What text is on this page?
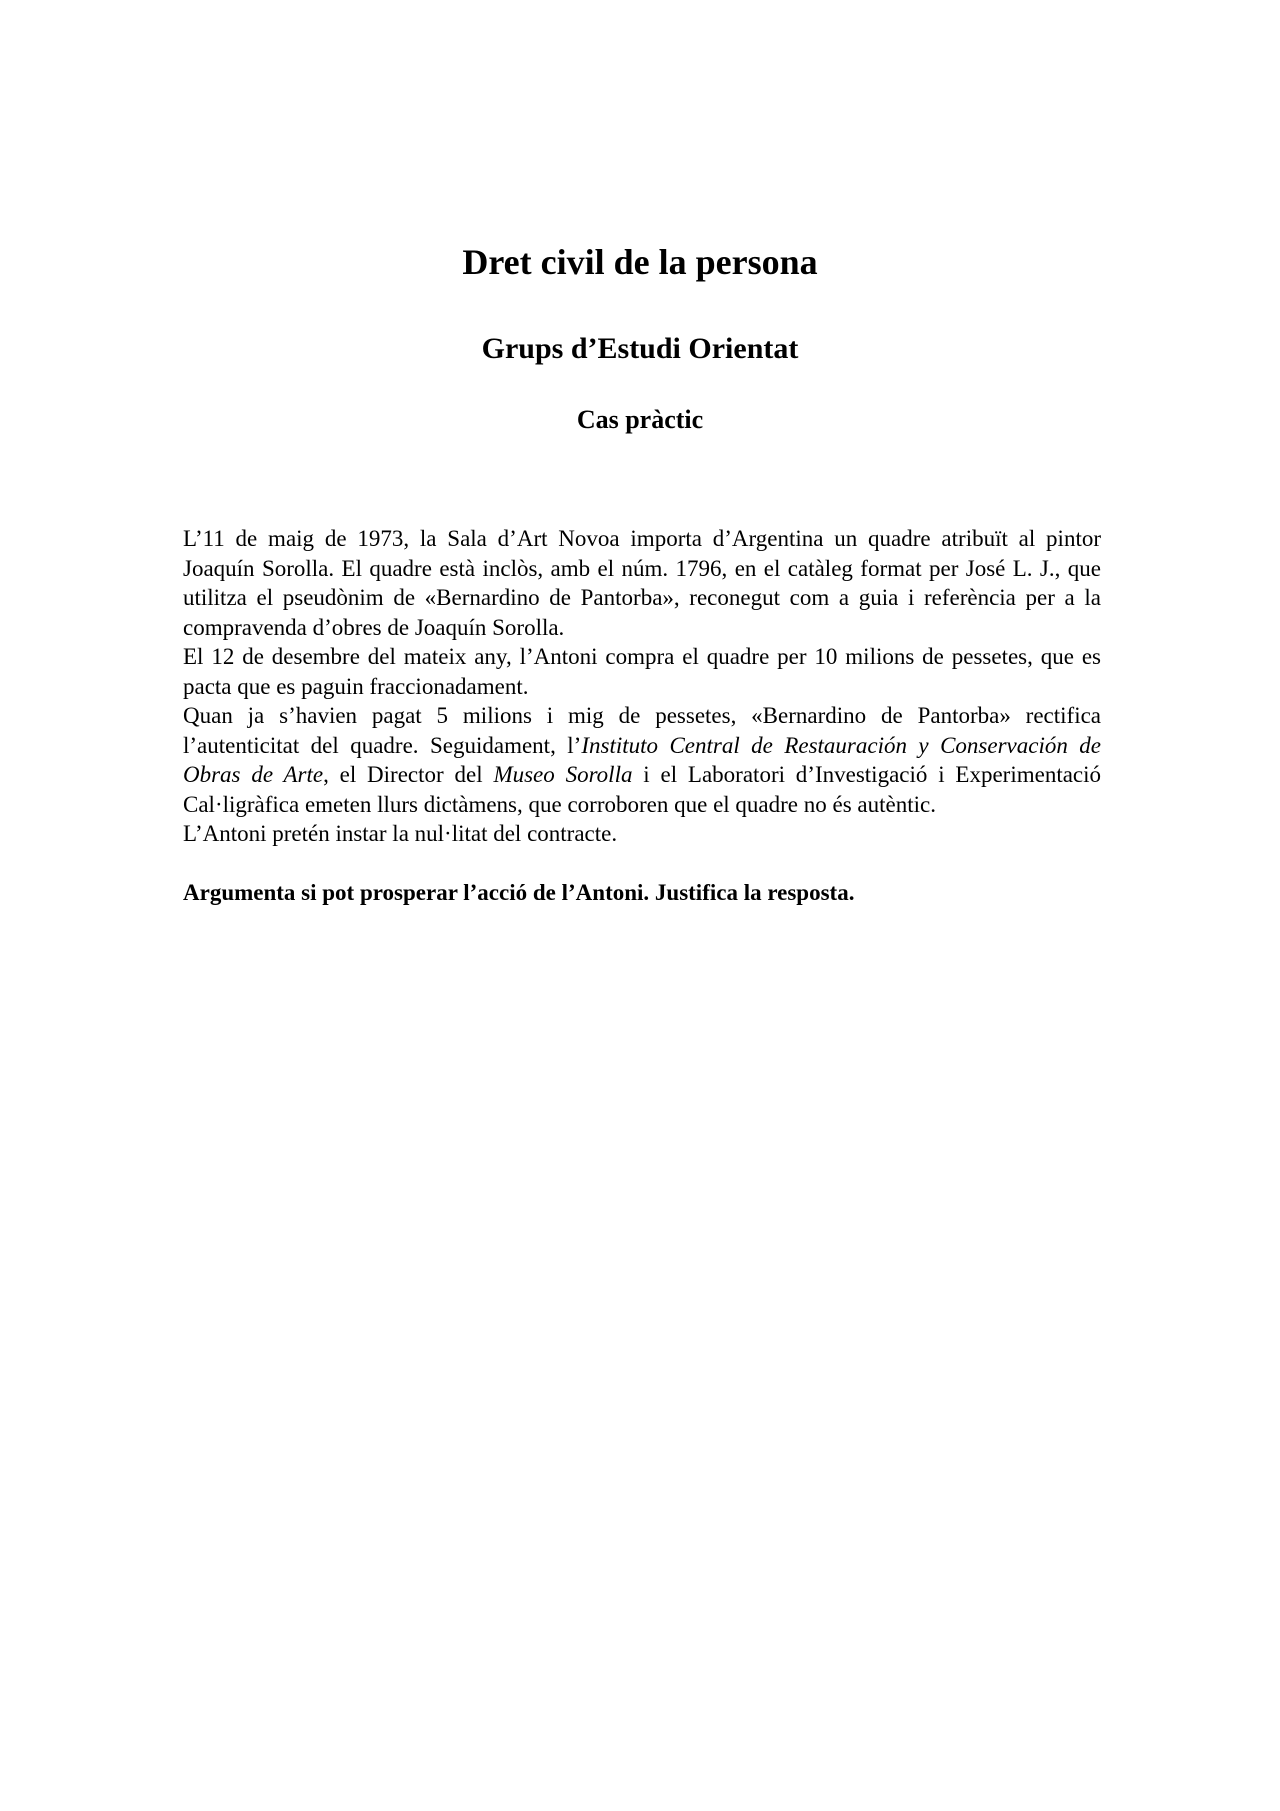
Dret civil de la persona
Grups d’Estudi Orientat
Cas pràctic

L’11 de maig de 1973, la Sala d’Art Novoa importa d’Argentina un quadre atribuït al pintor Joaquín Sorolla. El quadre està inclòs, amb el núm. 1796, en el catàleg format per José L. J., que utilitza el pseudònim de «Bernardino de Pantorba», reconegut com a guia i referència per a la compravenda d’obres de Joaquín Sorolla.

El 12 de desembre del mateix any, l’Antoni compra el quadre per 10 milions de pessetes, que es pacta que es paguin fraccionadament.

Quan ja s’havien pagat 5 milions i mig de pessetes, «Bernardino de Pantorba» rectifica l’autenticitat del quadre. Seguidament, l’Instituto Central de Restauración y Conservación de Obras de Arte, el Director del Museo Sorolla i el Laboratori d’Investigació i Experimentació Cal·ligràfica emeten llurs dictàmens, que corroboren que el quadre no és autèntic.

L’Antoni pretén instar la nul·litat del contracte.

Argumenta si pot prosperar l’acció de l’Antoni. Justifica la resposta.
